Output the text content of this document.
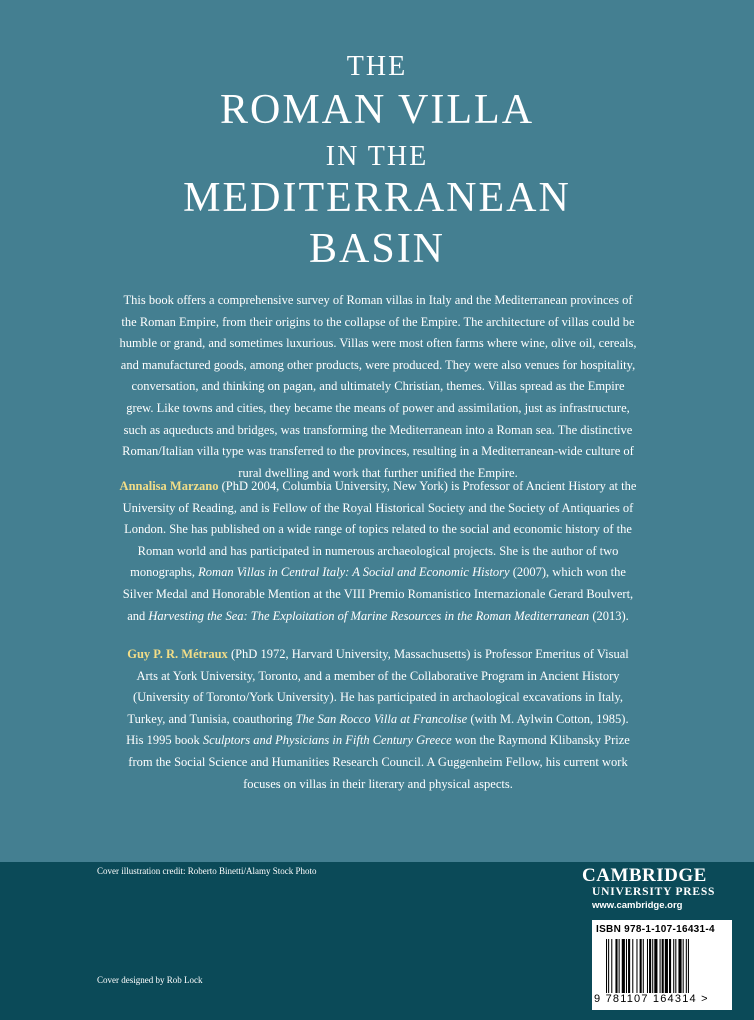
THE
ROMAN VILLA
IN THE
MEDITERRANEAN
BASIN

This book offers a comprehensive survey of Roman villas in Italy and the Mediterranean provinces of the Roman Empire, from their origins to the collapse of the Empire. The architecture of villas could be humble or grand, and sometimes luxurious. Villas were most often farms where wine, olive oil, cereals, and manufactured goods, among other products, were produced. They were also venues for hospitality, conversation, and thinking on pagan, and ultimately Christian, themes. Villas spread as the Empire grew. Like towns and cities, they became the means of power and assimilation, just as infrastructure, such as aqueducts and bridges, was transforming the Mediterranean into a Roman sea. The distinctive Roman/Italian villa type was transferred to the provinces, resulting in a Mediterranean-wide culture of rural dwelling and work that further unified the Empire.

Annalisa Marzano (PhD 2004, Columbia University, New York) is Professor of Ancient History at the University of Reading, and is Fellow of the Royal Historical Society and the Society of Antiquaries of London. She has published on a wide range of topics related to the social and economic history of the Roman world and has participated in numerous archaeological projects. She is the author of two monographs, Roman Villas in Central Italy: A Social and Economic History (2007), which won the Silver Medal and Honorable Mention at the VIII Premio Romanistico Internazionale Gerard Boulvert, and Harvesting the Sea: The Exploitation of Marine Resources in the Roman Mediterranean (2013).

Guy P. R. Métraux (PhD 1972, Harvard University, Massachusetts) is Professor Emeritus of Visual Arts at York University, Toronto, and a member of the Collaborative Program in Ancient History (University of Toronto/York University). He has participated in archaological excavations in Italy, Turkey, and Tunisia, coauthoring The San Rocco Villa at Francolise (with M. Aylwin Cotton, 1985). His 1995 book Sculptors and Physicians in Fifth Century Greece won the Raymond Klibansky Prize from the Social Science and Humanities Research Council. A Guggenheim Fellow, his current work focuses on villas in their literary and physical aspects.

Cover illustration credit: Roberto Binetti/Alamy Stock Photo
Cover designed by Rob Lock
CAMBRIDGE
UNIVERSITY PRESS
www.cambridge.org
ISBN 978-1-107-16431-4
9 781107 164314 >
